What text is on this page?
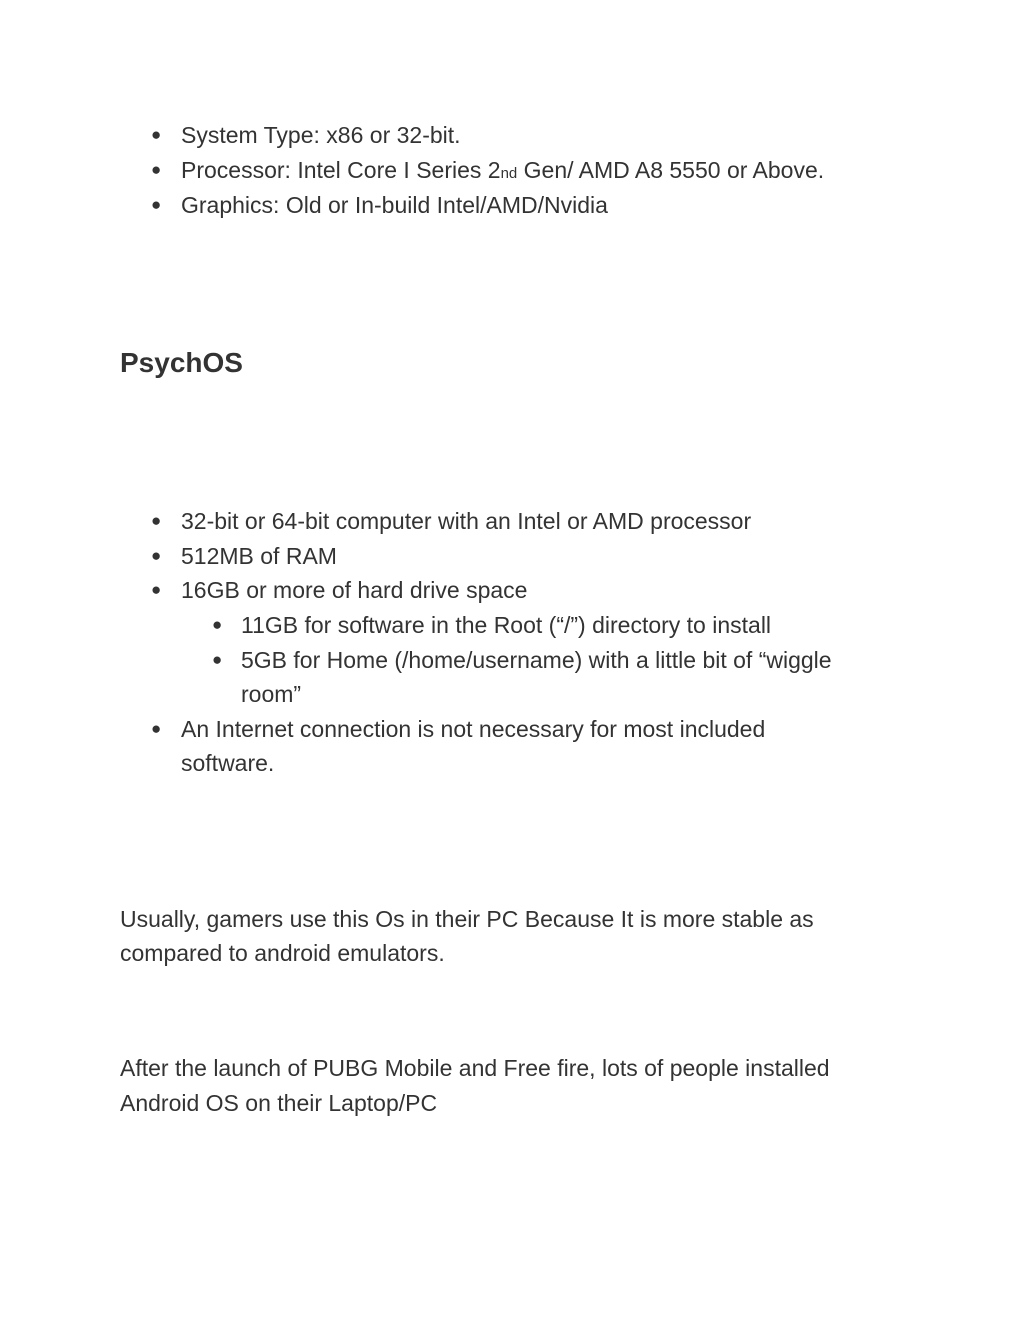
● System Type: x86 or 32-bit.
● Processor: Intel Core I Series 2nd Gen/ AMD A8 5550 or Above.
● Graphics: Old or In-build Intel/AMD/Nvidia
PsychOS
● 32-bit or 64-bit computer with an Intel or AMD processor
● 512MB of RAM
● 16GB or more of hard drive space
● 11GB for software in the Root (“/”) directory to install
● 5GB for Home (/home/username) with a little bit of “wiggle
room”
● An Internet connection is not necessary for most included
software.
Usually, gamers use this Os in their PC Because It is more stable as
compared to android emulators.
After the launch of PUBG Mobile and Free fire, lots of people installed
Android OS on their Laptop/PC
